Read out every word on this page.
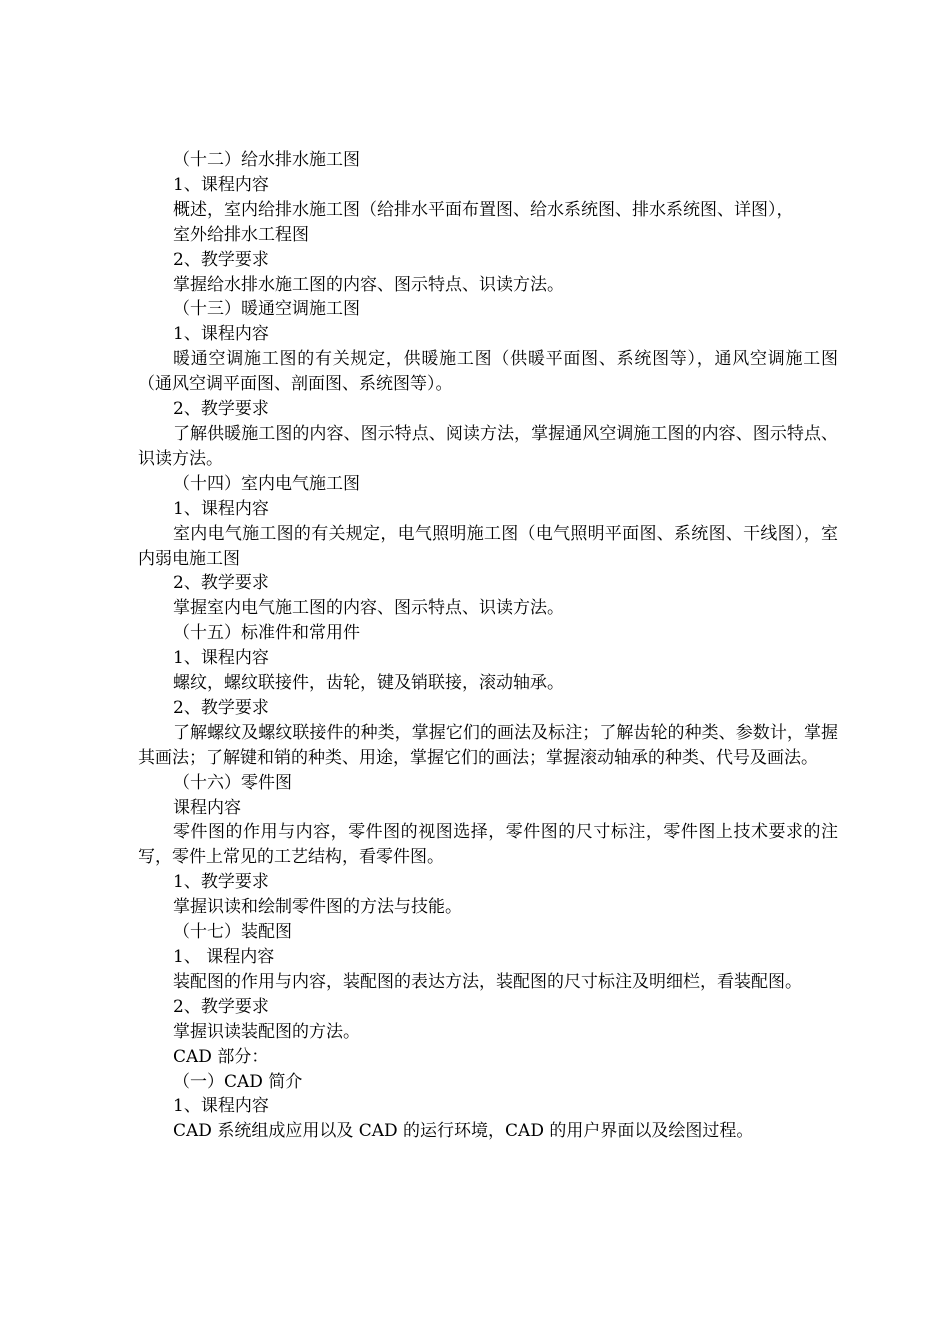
（十二）给水排水施工图

1、课程内容

概述，室内给排水施工图（给排水平面布置图、给水系统图、排水系统图、详图），

室外给排水工程图

2、教学要求

掌握给水排水施工图的内容、图示特点、识读方法。

（十三）暖通空调施工图

1、课程内容

暖通空调施工图的有关规定，供暖施工图（供暖平面图、系统图等），通风空调施工图（通风空调平面图、剖面图、系统图等）。

2、教学要求

了解供暖施工图的内容、图示特点、阅读方法，掌握通风空调施工图的内容、图示特点、识读方法。

（十四）室内电气施工图

1、课程内容

室内电气施工图的有关规定，电气照明施工图（电气照明平面图、系统图、干线图），室内弱电施工图

2、教学要求

掌握室内电气施工图的内容、图示特点、识读方法。

（十五）标准件和常用件

1、课程内容

螺纹，螺纹联接件，齿轮，键及销联接，滚动轴承。

2、教学要求

了解螺纹及螺纹联接件的种类，掌握它们的画法及标注；了解齿轮的种类、参数计，掌握其画法；了解键和销的种类、用途，掌握它们的画法；掌握滚动轴承的种类、代号及画法。

（十六）零件图

课程内容

零件图的作用与内容，零件图的视图选择，零件图的尺寸标注，零件图上技术要求的注写，零件上常见的工艺结构，看零件图。

1、教学要求

掌握识读和绘制零件图的方法与技能。

（十七）装配图

1、 课程内容

装配图的作用与内容，装配图的表达方法，装配图的尺寸标注及明细栏，看装配图。

2、教学要求

掌握识读装配图的方法。

CAD 部分：

（一）CAD 简介

1、课程内容

CAD 系统组成应用以及 CAD 的运行环境，CAD 的用户界面以及绘图过程。
